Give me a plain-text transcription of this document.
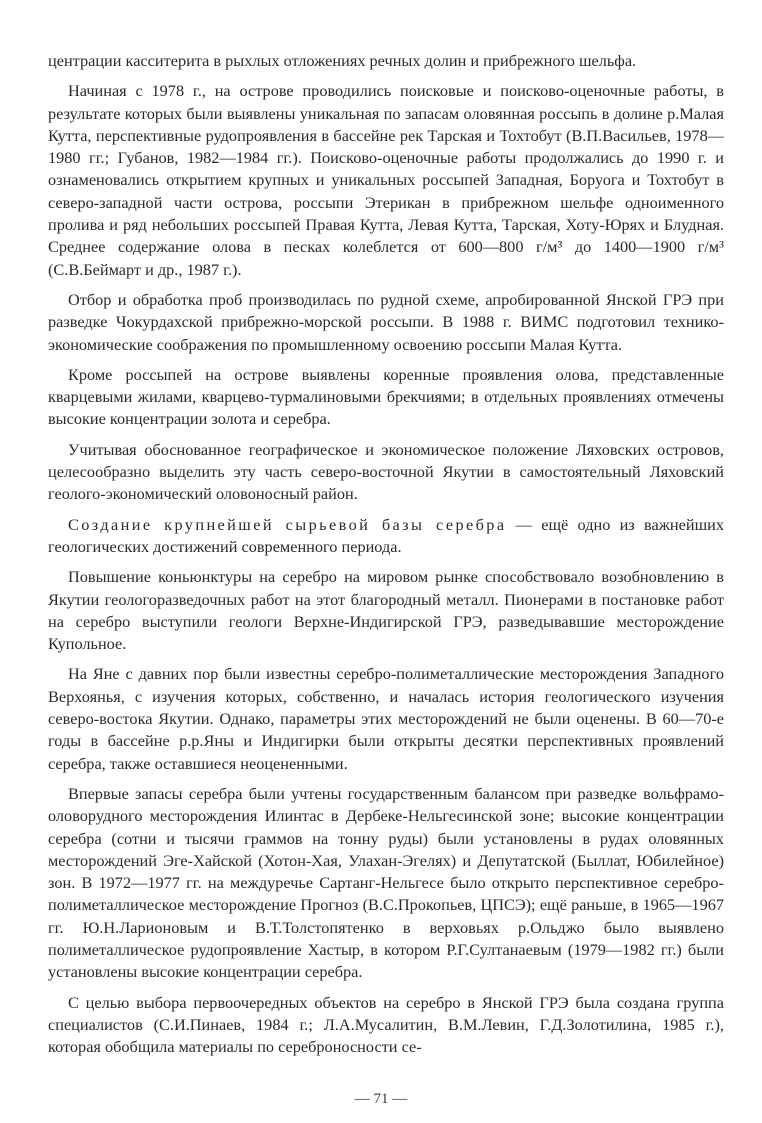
центрации касситерита в рыхлых отложениях речных долин и прибрежного шельфа.

Начиная с 1978 г., на острове проводились поисковые и поисково-оценочные работы, в результате которых были выявлены уникальная по запасам оловянная россыпь в долине р.Малая Кутта, перспективные рудопроявления в бассейне рек Тарская и Тохтобут (В.П.Васильев, 1978—1980 гг.; Губанов, 1982—1984 гг.). Поисково-оценочные работы продолжались до 1990 г. и ознаменовались открытием крупных и уникальных россыпей Западная, Боруога и Тохтобут в северо-западной части острова, россыпи Этерикан в прибрежном шельфе одноименного пролива и ряд небольших россыпей Правая Кутта, Левая Кутта, Тарская, Хоту-Юрях и Блудная. Среднее содержание олова в песках колеблется от 600—800 г/м³ до 1400—1900 г/м³ (С.В.Беймарт и др., 1987 г.).

Отбор и обработка проб производилась по рудной схеме, апробированной Янской ГРЭ при разведке Чокурдахской прибрежно-морской россыпи. В 1988 г. ВИМС подготовил технико-экономические соображения по промышленному освоению россыпи Малая Кутта.

Кроме россыпей на острове выявлены коренные проявления олова, представленные кварцевыми жилами, кварцево-турмалиновыми брекчиями; в отдельных проявлениях отмечены высокие концентрации золота и серебра.

Учитывая обоснованное географическое и экономическое положение Ляховских островов, целесообразно выделить эту часть северо-восточной Якутии в самостоятельный Ляховский геолого-экономический оловоносный район.

Создание крупнейшей сырьевой базы серебра — ещё одно из важнейших геологических достижений современного периода.

Повышение коньюнктуры на серебро на мировом рынке способствовало возобновлению в Якутии геологоразведочных работ на этот благородный металл. Пионерами в постановке работ на серебро выступили геологи Верхне-Индигирской ГРЭ, разведывавшие месторождение Купольное.

На Яне с давних пор были известны серебро-полиметаллические месторождения Западного Верхоянья, с изучения которых, собственно, и началась история геологического изучения северо-востока Якутии. Однако, параметры этих месторождений не были оценены. В 60—70-е годы в бассейне р.р.Яны и Индигирки были открыты десятки перспективных проявлений серебра, также оставшиеся неоцененными.

Впервые запасы серебра были учтены государственным балансом при разведке вольфрамо-оловорудного месторождения Илинтас в Дербеке-Нельгесинской зоне; высокие концентрации серебра (сотни и тысячи граммов на тонну руды) были установлены в рудах оловянных месторождений Эге-Хайской (Хотон-Хая, Улахан-Эгелях) и Депутатской (Быллат, Юбилейное) зон. В 1972—1977 гг. на междуречье Сартанг-Нельгесе было открыто перспективное серебро-полиметаллическое месторождение Прогноз (В.С.Прокопьев, ЦПСЭ); ещё раньше, в 1965—1967 гг. Ю.Н.Ларионовым и В.Т.Толстопятенко в верховьях р.Ольджо было выявлено полиметаллическое рудопроявление Хастыр, в котором Р.Г.Султанаевым (1979—1982 гг.) были установлены высокие концентрации серебра.

С целью выбора первоочередных объектов на серебро в Янской ГРЭ была создана группа специалистов (С.И.Пинаев, 1984 г.; Л.А.Мусалитин, В.М.Левин, Г.Д.Золотилина, 1985 г.), которая обобщила материалы по сереброносности се-

— 71 —
